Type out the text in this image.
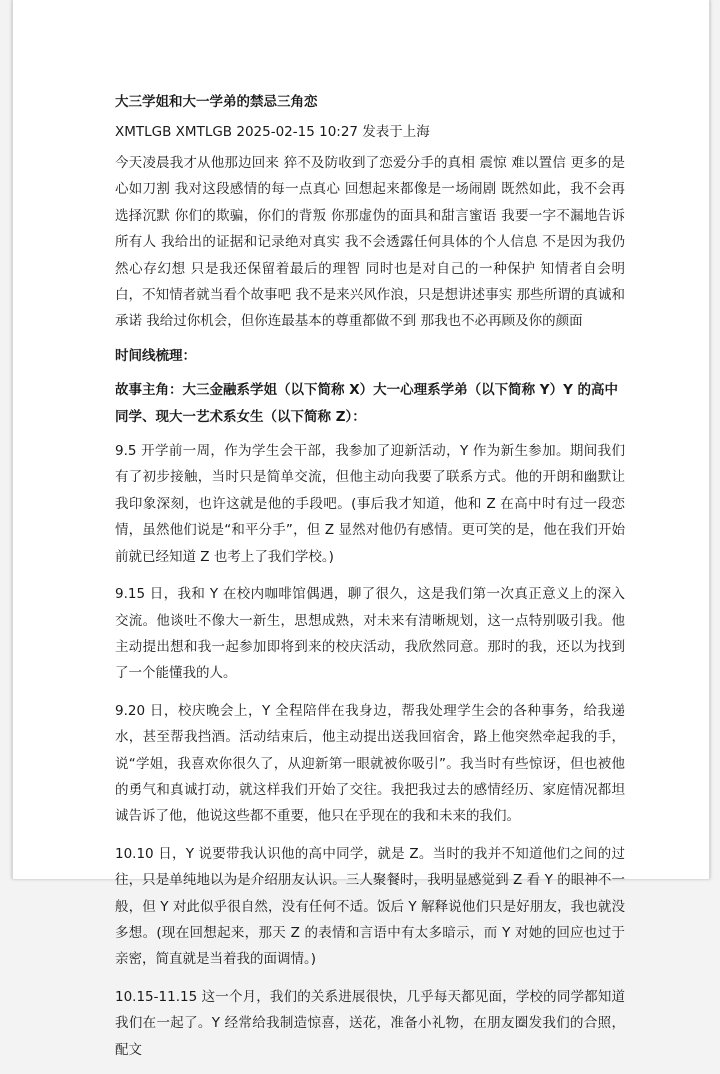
大三学姐和大一学弟的禁忌三角恋

XMTLGB XMTLGB 2025-02-15 10:27 发表于上海

今天凌晨我才从他那边回来 猝不及防收到了恋爱分手的真相 震惊 难以置信 更多的是心如刀割 我对这段感情的每一点真心 回想起来都像是一场闹剧 既然如此，我不会再选择沉默 你们的欺骗，你们的背叛 你那虚伪的面具和甜言蜜语 我要一字不漏地告诉所有人 我给出的证据和记录绝对真实 我不会透露任何具体的个人信息 不是因为我仍然心存幻想 只是我还保留着最后的理智 同时也是对自己的一种保护 知情者自会明白，不知情者就当看个故事吧 我不是来兴风作浪，只是想讲述事实 那些所谓的真诚和承诺 我给过你机会，但你连最基本的尊重都做不到 那我也不必再顾及你的颜面

时间线梳理：

故事主角：大三金融系学姐（以下简称 X）大一心理系学弟（以下简称 Y）Y 的高中同学、现大一艺术系女生（以下简称 Z）：

9.5 开学前一周，作为学生会干部，我参加了迎新活动，Y 作为新生参加。期间我们有了初步接触，当时只是简单交流，但他主动向我要了联系方式。他的开朗和幽默让我印象深刻，也许这就是他的手段吧。(事后我才知道，他和 Z 在高中时有过一段恋情，虽然他们说是“和平分手”，但 Z 显然对他仍有感情。更可笑的是，他在我们开始前就已经知道 Z 也考上了我们学校。)

9.15 日，我和 Y 在校内咖啡馆偶遇，聊了很久，这是我们第一次真正意义上的深入交流。他谈吐不像大一新生，思想成熟，对未来有清晰规划，这一点特别吸引我。他主动提出想和我一起参加即将到来的校庆活动，我欣然同意。那时的我，还以为找到了一个能懂我的人。

9.20 日，校庆晚会上，Y 全程陪伴在我身边，帮我处理学生会的各种事务，给我递水，甚至帮我挡酒。活动结束后，他主动提出送我回宿舍，路上他突然牵起我的手，说“学姐，我喜欢你很久了，从迎新第一眼就被你吸引”。我当时有些惊讶，但也被他的勇气和真诚打动，就这样我们开始了交往。我把我过去的感情经历、家庭情况都坦诚告诉了他，他说这些都不重要，他只在乎现在的我和未来的我们。

10.10 日，Y 说要带我认识他的高中同学，就是 Z。当时的我并不知道他们之间的过往，只是单纯地以为是介绍朋友认识。三人聚餐时，我明显感觉到 Z 看 Y 的眼神不一般，但 Y 对此似乎很自然，没有任何不适。饭后 Y 解释说他们只是好朋友，我也就没多想。(现在回想起来，那天 Z 的表情和言语中有太多暗示，而 Y 对她的回应也过于亲密，简直就是当着我的面调情。)

10.15-11.15 这一个月，我们的关系进展很快，几乎每天都见面，学校的同学都知道我们在一起了。Y 经常给我制造惊喜，送花，准备小礼物，在朋友圈发我们的合照，配文
